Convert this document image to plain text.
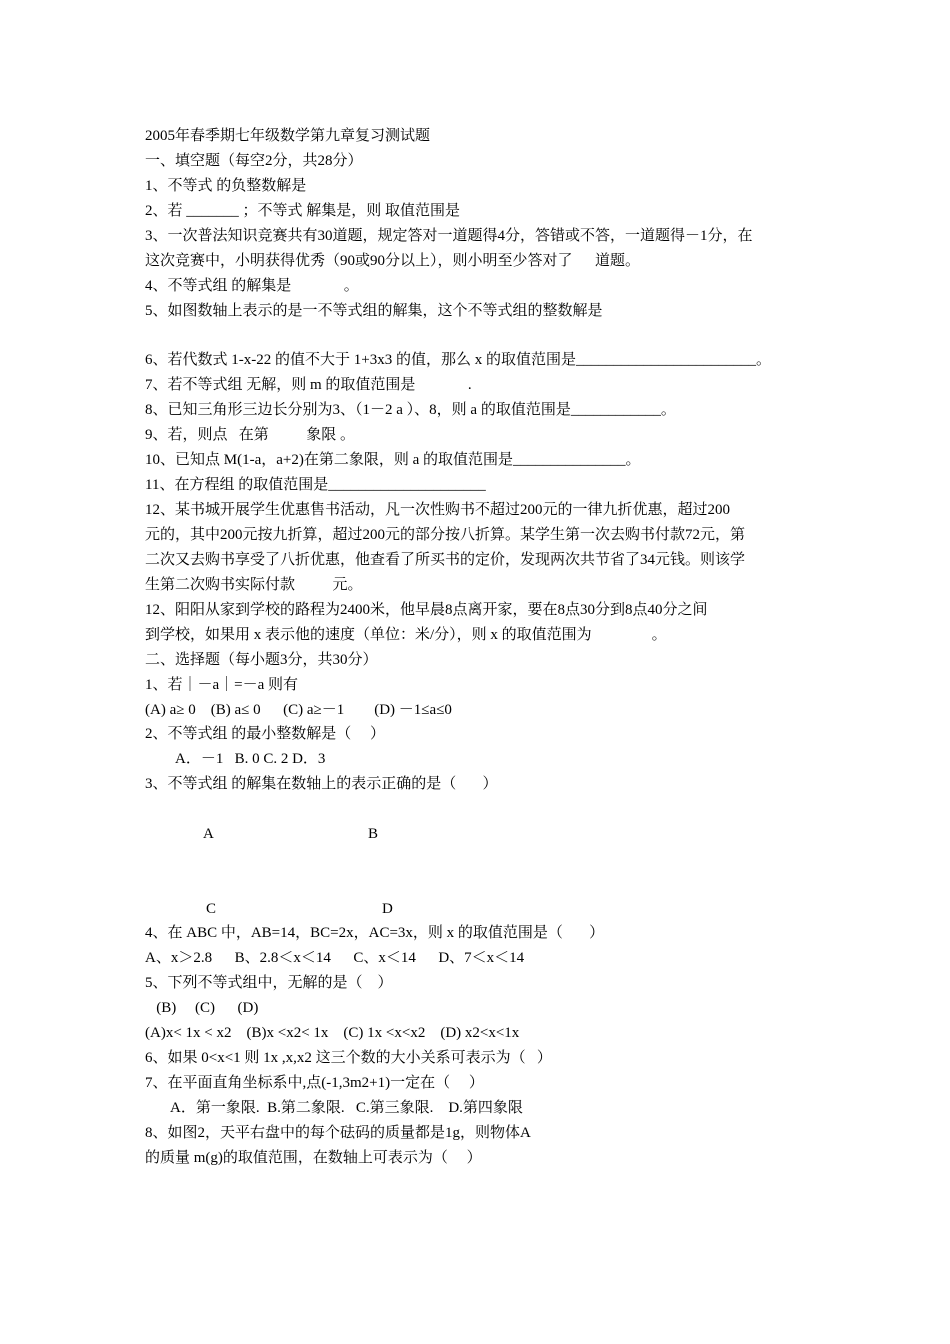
2005年春季期七年级数学第九章复习测试题

一、填空题（每空2分，共28分）

1、不等式 的负整数解是

2、若 _______ ；不等式 解集是，则 取值范围是

3、一次普法知识竞赛共有30道题，规定答对一道题得4分，答错或不答，一道题得－1分，在

这次竞赛中，小明获得优秀（90或90分以上），则小明至少答对了      道题。

4、不等式组 的解集是              。

5、如图数轴上表示的是一不等式组的解集，这个不等式组的整数解是

6、若代数式 1-x-22 的值不大于 1+3x3 的值，那么 x 的取值范围是________________________。

7、若不等式组 无解，则 m 的取值范围是              .

8、已知三角形三边长分别为3、（1－2 a ）、8，则 a 的取值范围是____________。

9、若，则点   在第          象限 。

10、已知点 M(1-a，a+2)在第二象限，则 a 的取值范围是_______________。

11、在方程组 的取值范围是_____________________

12、某书城开展学生优惠售书活动，凡一次性购书不超过200元的一律九折优惠，超过200

元的，其中200元按九折算，超过200元的部分按八折算。某学生第一次去购书付款72元，第

二次又去购书享受了八折优惠，他查看了所买书的定价，发现两次共节省了34元钱。则该学

生第二次购书实际付款          元。

12、阳阳从家到学校的路程为2400米，他早晨8点离开家，要在8点30分到8点40分之间

到学校，如果用 x 表示他的速度（单位：米/分），则 x 的取值范围为                。

二、选择题（每小题3分，共30分）

1、若｜－a｜=－a 则有

(A) a≥ 0    (B) a≤ 0      (C) a≥－1        (D) －1≤a≤0

2、不等式组 的最小整数解是（     ）

A．－1   B. 0 C. 2 D．3

3、不等式组 的解集在数轴上的表示正确的是（       ）

A	B
C	D

4、在 ABC 中，AB=14，BC=2x，AC=3x，则 x 的取值范围是（       ）

A、x＞2.8      B、2.8＜x＜14      C、x＜14      D、7＜x＜14

5、下列不等式组中，无解的是（    ）

(B)     (C)      (D)

6、如果 0<x<1 则 1x ,x,x2 这三个数的大小关系可表示为（   ）

(A)x< 1x < x2    (B)x <x2< 1x    (C) 1x <x<x2    (D) x2<x<1x

7、在平面直角坐标系中,点(-1,3m2+1)一定在（     ）

A．第一象限.  B.第二象限.   C.第三象限.    D.第四象限

8、如图2，天平右盘中的每个砝码的质量都是1g，则物体A

的质量 m(g)的取值范围，在数轴上可表示为（     ）
